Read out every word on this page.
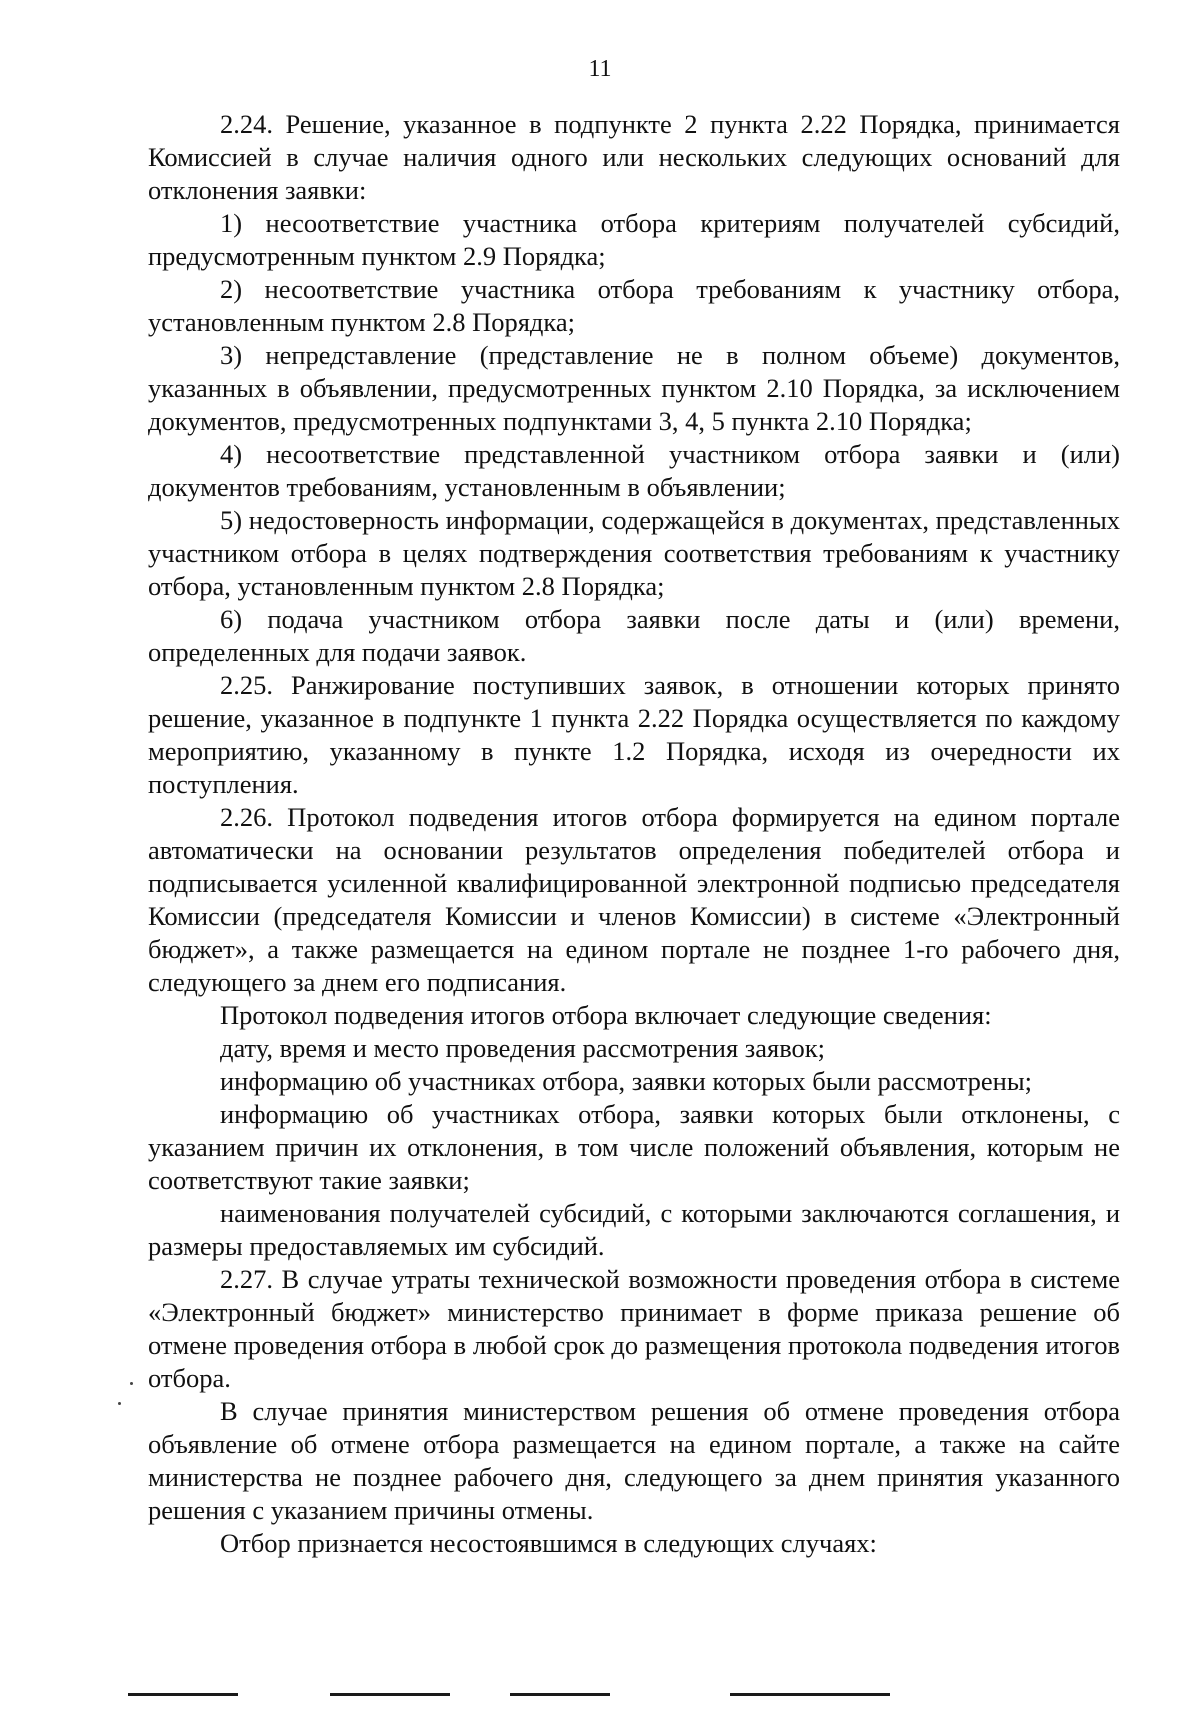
11

2.24. Решение, указанное в подпункте 2 пункта 2.22 Порядка, принимается Комиссией в случае наличия одного или нескольких следующих оснований для отклонения заявки:

1) несоответствие участника отбора критериям получателей субсидий, предусмотренным пунктом 2.9 Порядка;

2) несоответствие участника отбора требованиям к участнику отбора, установленным пунктом 2.8 Порядка;

3) непредставление (представление не в полном объеме) документов, указанных в объявлении, предусмотренных пунктом 2.10 Порядка, за исключением документов, предусмотренных подпунктами 3, 4, 5 пункта 2.10 Порядка;

4) несоответствие представленной участником отбора заявки и (или) документов требованиям, установленным в объявлении;

5) недостоверность информации, содержащейся в документах, представленных участником отбора в целях подтверждения соответствия требованиям к участнику отбора, установленным пунктом 2.8 Порядка;

6) подача участником отбора заявки после даты и (или) времени, определенных для подачи заявок.

2.25. Ранжирование поступивших заявок, в отношении которых принято решение, указанное в подпункте 1 пункта 2.22 Порядка осуществляется по каждому мероприятию, указанному в пункте 1.2 Порядка, исходя из очередности их поступления.

2.26. Протокол подведения итогов отбора формируется на едином портале автоматически на основании результатов определения победителей отбора и подписывается усиленной квалифицированной электронной подписью председателя Комиссии (председателя Комиссии и членов Комиссии) в системе «Электронный бюджет», а также размещается на едином портале не позднее 1-го рабочего дня, следующего за днем его подписания.

Протокол подведения итогов отбора включает следующие сведения:

дату, время и место проведения рассмотрения заявок;

информацию об участниках отбора, заявки которых были рассмотрены;

информацию об участниках отбора, заявки которых были отклонены, с указанием причин их отклонения, в том числе положений объявления, которым не соответствуют такие заявки;

наименования получателей субсидий, с которыми заключаются соглашения, и размеры предоставляемых им субсидий.

2.27. В случае утраты технической возможности проведения отбора в системе «Электронный бюджет» министерство принимает в форме приказа решение об отмене проведения отбора в любой срок до размещения протокола подведения итогов отбора.

В случае принятия министерством решения об отмене проведения отбора объявление об отмене отбора размещается на едином портале, а также на сайте министерства не позднее рабочего дня, следующего за днем принятия указанного решения с указанием причины отмены.

Отбор признается несостоявшимся в следующих случаях:
